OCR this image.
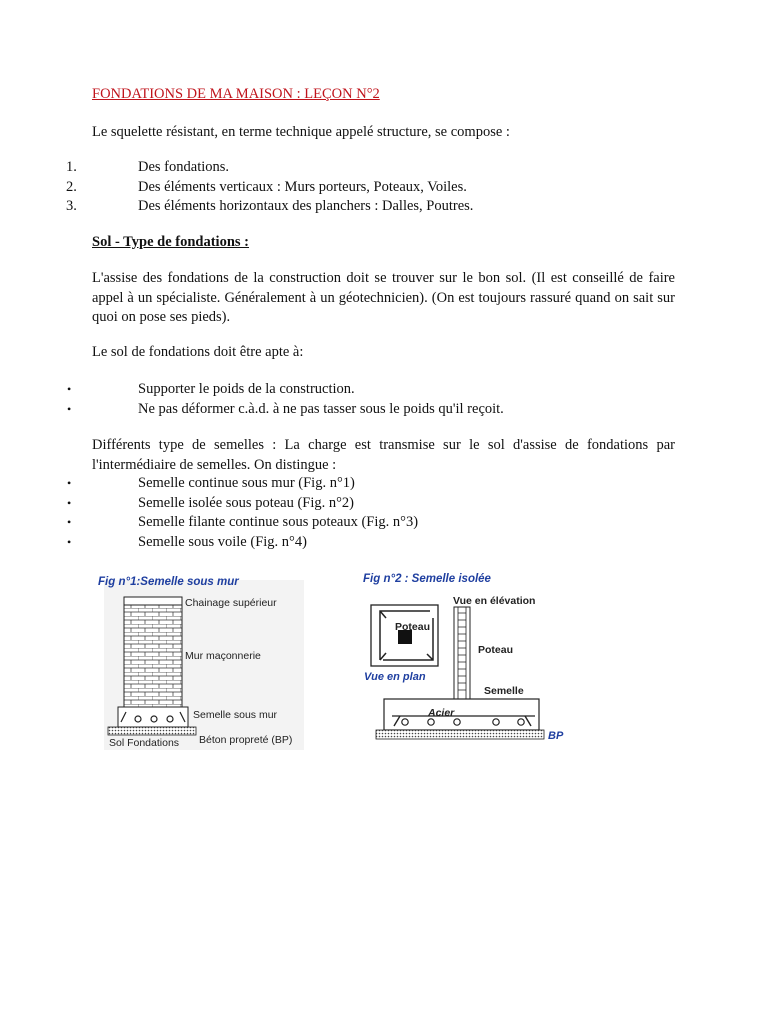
FONDATIONS DE MA MAISON : LEÇON N°2
Le squelette résistant, en terme technique appelé structure, se compose :
1.	Des fondations.
2.	Des éléments verticaux : Murs porteurs, Poteaux, Voiles.
3.	Des éléments horizontaux des planchers : Dalles, Poutres.
Sol - Type de fondations :
L'assise des fondations de la construction doit se trouver sur le bon sol. (Il est conseillé de faire appel à un spécialiste. Généralement à un géotechnicien). (On est toujours rassuré quand on sait sur quoi on pose ses pieds).
Le sol de fondations doit être apte à:
•	Supporter le poids de la construction.
•	Ne pas déformer c.à.d. à ne pas tasser sous le poids qu'il reçoit.
Différents type de semelles : La charge est transmise sur le sol d'assise de fondations par l'intermédiaire de semelles. On distingue :
•	Semelle continue sous mur (Fig. n°1)
•	Semelle isolée sous poteau (Fig. n°2)
•	Semelle filante continue sous poteaux (Fig. n°3)
•	Semelle sous voile (Fig. n°4)
Fig n°1:Semelle sous mur
Chainage supérieur
Mur maçonnerie
Semelle sous mur
Sol Fondations Béton propreté (BP)
Fig n°2 : Semelle isolée
Poteau
Vue en plan
Vue en élévation
Poteau
Semelle
Acier
BP
